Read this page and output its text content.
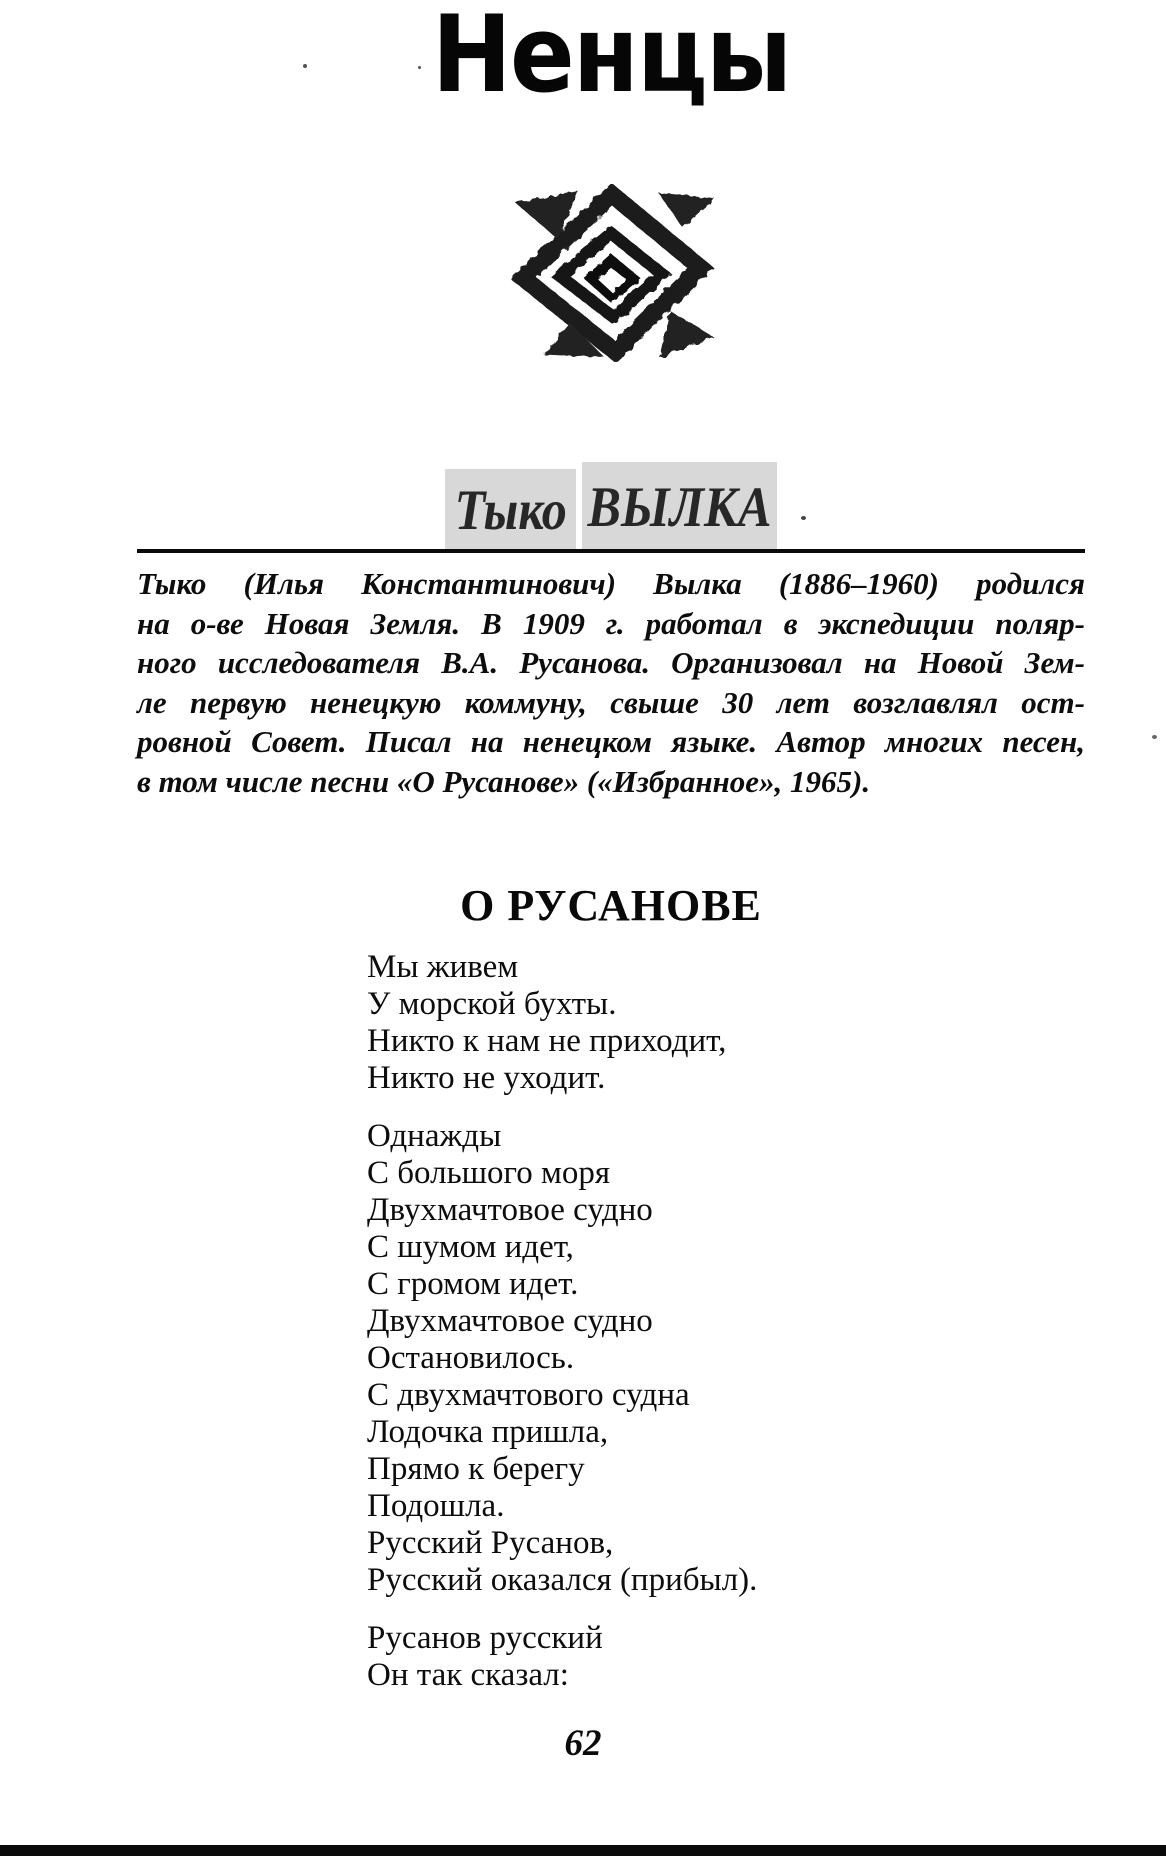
Ненцы
Тыко ВЫЛКА
Тыко (Илья Константинович) Вылка (1886–1960) родился
на о-ве Новая Земля. В 1909 г. работал в экспедиции поляр-
ного исследователя В.А. Русанова. Организовал на Новой Зем-
ле первую ненецкую коммуну, свыше 30 лет возглавлял ост-
ровной Совет. Писал на ненецком языке. Автор многих песен,
в том числе песни «О Русанове» («Избранное», 1965).
О РУСАНОВЕ
Мы живем
У морской бухты.
Никто к нам не приходит,
Никто не уходит.
Однажды
С большого моря
Двухмачтовое судно
С шумом идет,
С громом идет.
Двухмачтовое судно
Остановилось.
С двухмачтового судна
Лодочка пришла,
Прямо к берегу
Подошла.
Русский Русанов,
Русский оказался (прибыл).
Русанов русский
Он так сказал:
62
